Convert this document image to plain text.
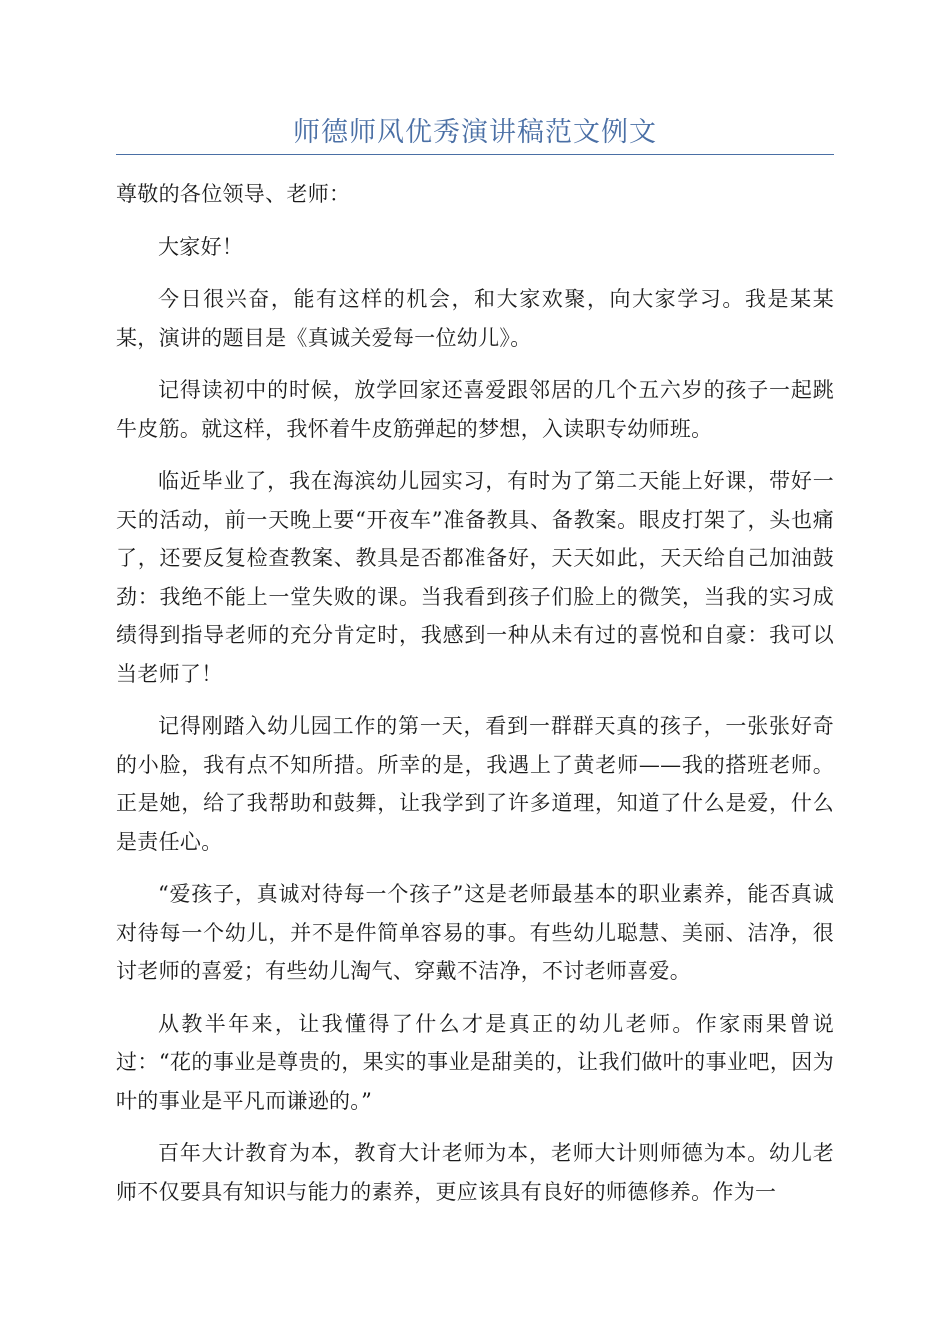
师德师风优秀演讲稿范文例文

尊敬的各位领导、老师：

大家好！

今日很兴奋，能有这样的机会，和大家欢聚，向大家学习。我是某某某，演讲的题目是《真诚关爱每一位幼儿》。

记得读初中的时候，放学回家还喜爱跟邻居的几个五六岁的孩子一起跳牛皮筋。就这样，我怀着牛皮筋弹起的梦想，入读职专幼师班。

临近毕业了，我在海滨幼儿园实习，有时为了第二天能上好课，带好一天的活动，前一天晚上要“开夜车”准备教具、备教案。眼皮打架了，头也痛了，还要反复检查教案、教具是否都准备好，天天如此，天天给自己加油鼓劲：我绝不能上一堂失败的课。当我看到孩子们脸上的微笑，当我的实习成绩得到指导老师的充分肯定时，我感到一种从未有过的喜悦和自豪：我可以当老师了！

记得刚踏入幼儿园工作的第一天，看到一群群天真的孩子，一张张好奇的小脸，我有点不知所措。所幸的是，我遇上了黄老师——我的搭班老师。正是她，给了我帮助和鼓舞，让我学到了许多道理，知道了什么是爱，什么是责任心。

“爱孩子，真诚对待每一个孩子”这是老师最基本的职业素养，能否真诚对待每一个幼儿，并不是件简单容易的事。有些幼儿聪慧、美丽、洁净，很讨老师的喜爱；有些幼儿淘气、穿戴不洁净，不讨老师喜爱。

从教半年来，让我懂得了什么才是真正的幼儿老师。作家雨果曾说过：“花的事业是尊贵的，果实的事业是甜美的，让我们做叶的事业吧，因为叶的事业是平凡而谦逊的。”

百年大计教育为本，教育大计老师为本，老师大计则师德为本。幼儿老师不仅要具有知识与能力的素养，更应该具有良好的师德修养。作为一
